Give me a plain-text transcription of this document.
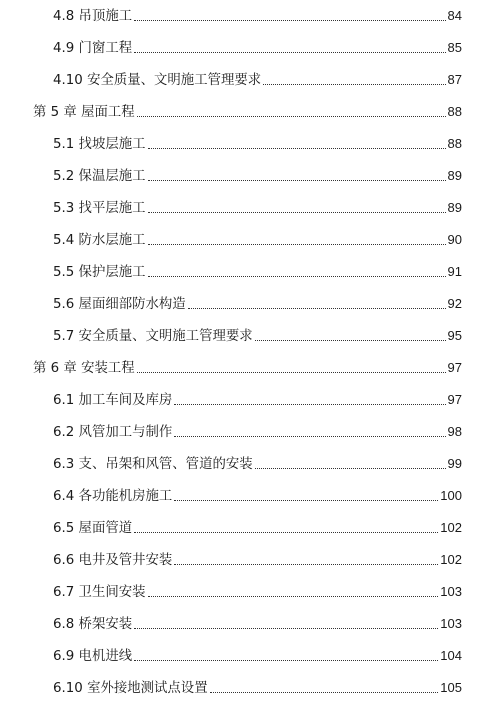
4.8 吊顶施工	84
4.9 门窗工程	85
4.10 安全质量、文明施工管理要求	87
第 5 章 屋面工程	88
5.1 找坡层施工	88
5.2 保温层施工	89
5.3 找平层施工	89
5.4 防水层施工	90
5.5 保护层施工	91
5.6 屋面细部防水构造	92
5.7 安全质量、文明施工管理要求	95
第 6 章 安装工程	97
6.1 加工车间及库房	97
6.2 风管加工与制作	98
6.3 支、吊架和风管、管道的安装	99
6.4 各功能机房施工	100
6.5 屋面管道	102
6.6 电井及管井安装	102
6.7 卫生间安装	103
6.8 桥架安装	103
6.9 电机进线	104
6.10 室外接地测试点设置	105
